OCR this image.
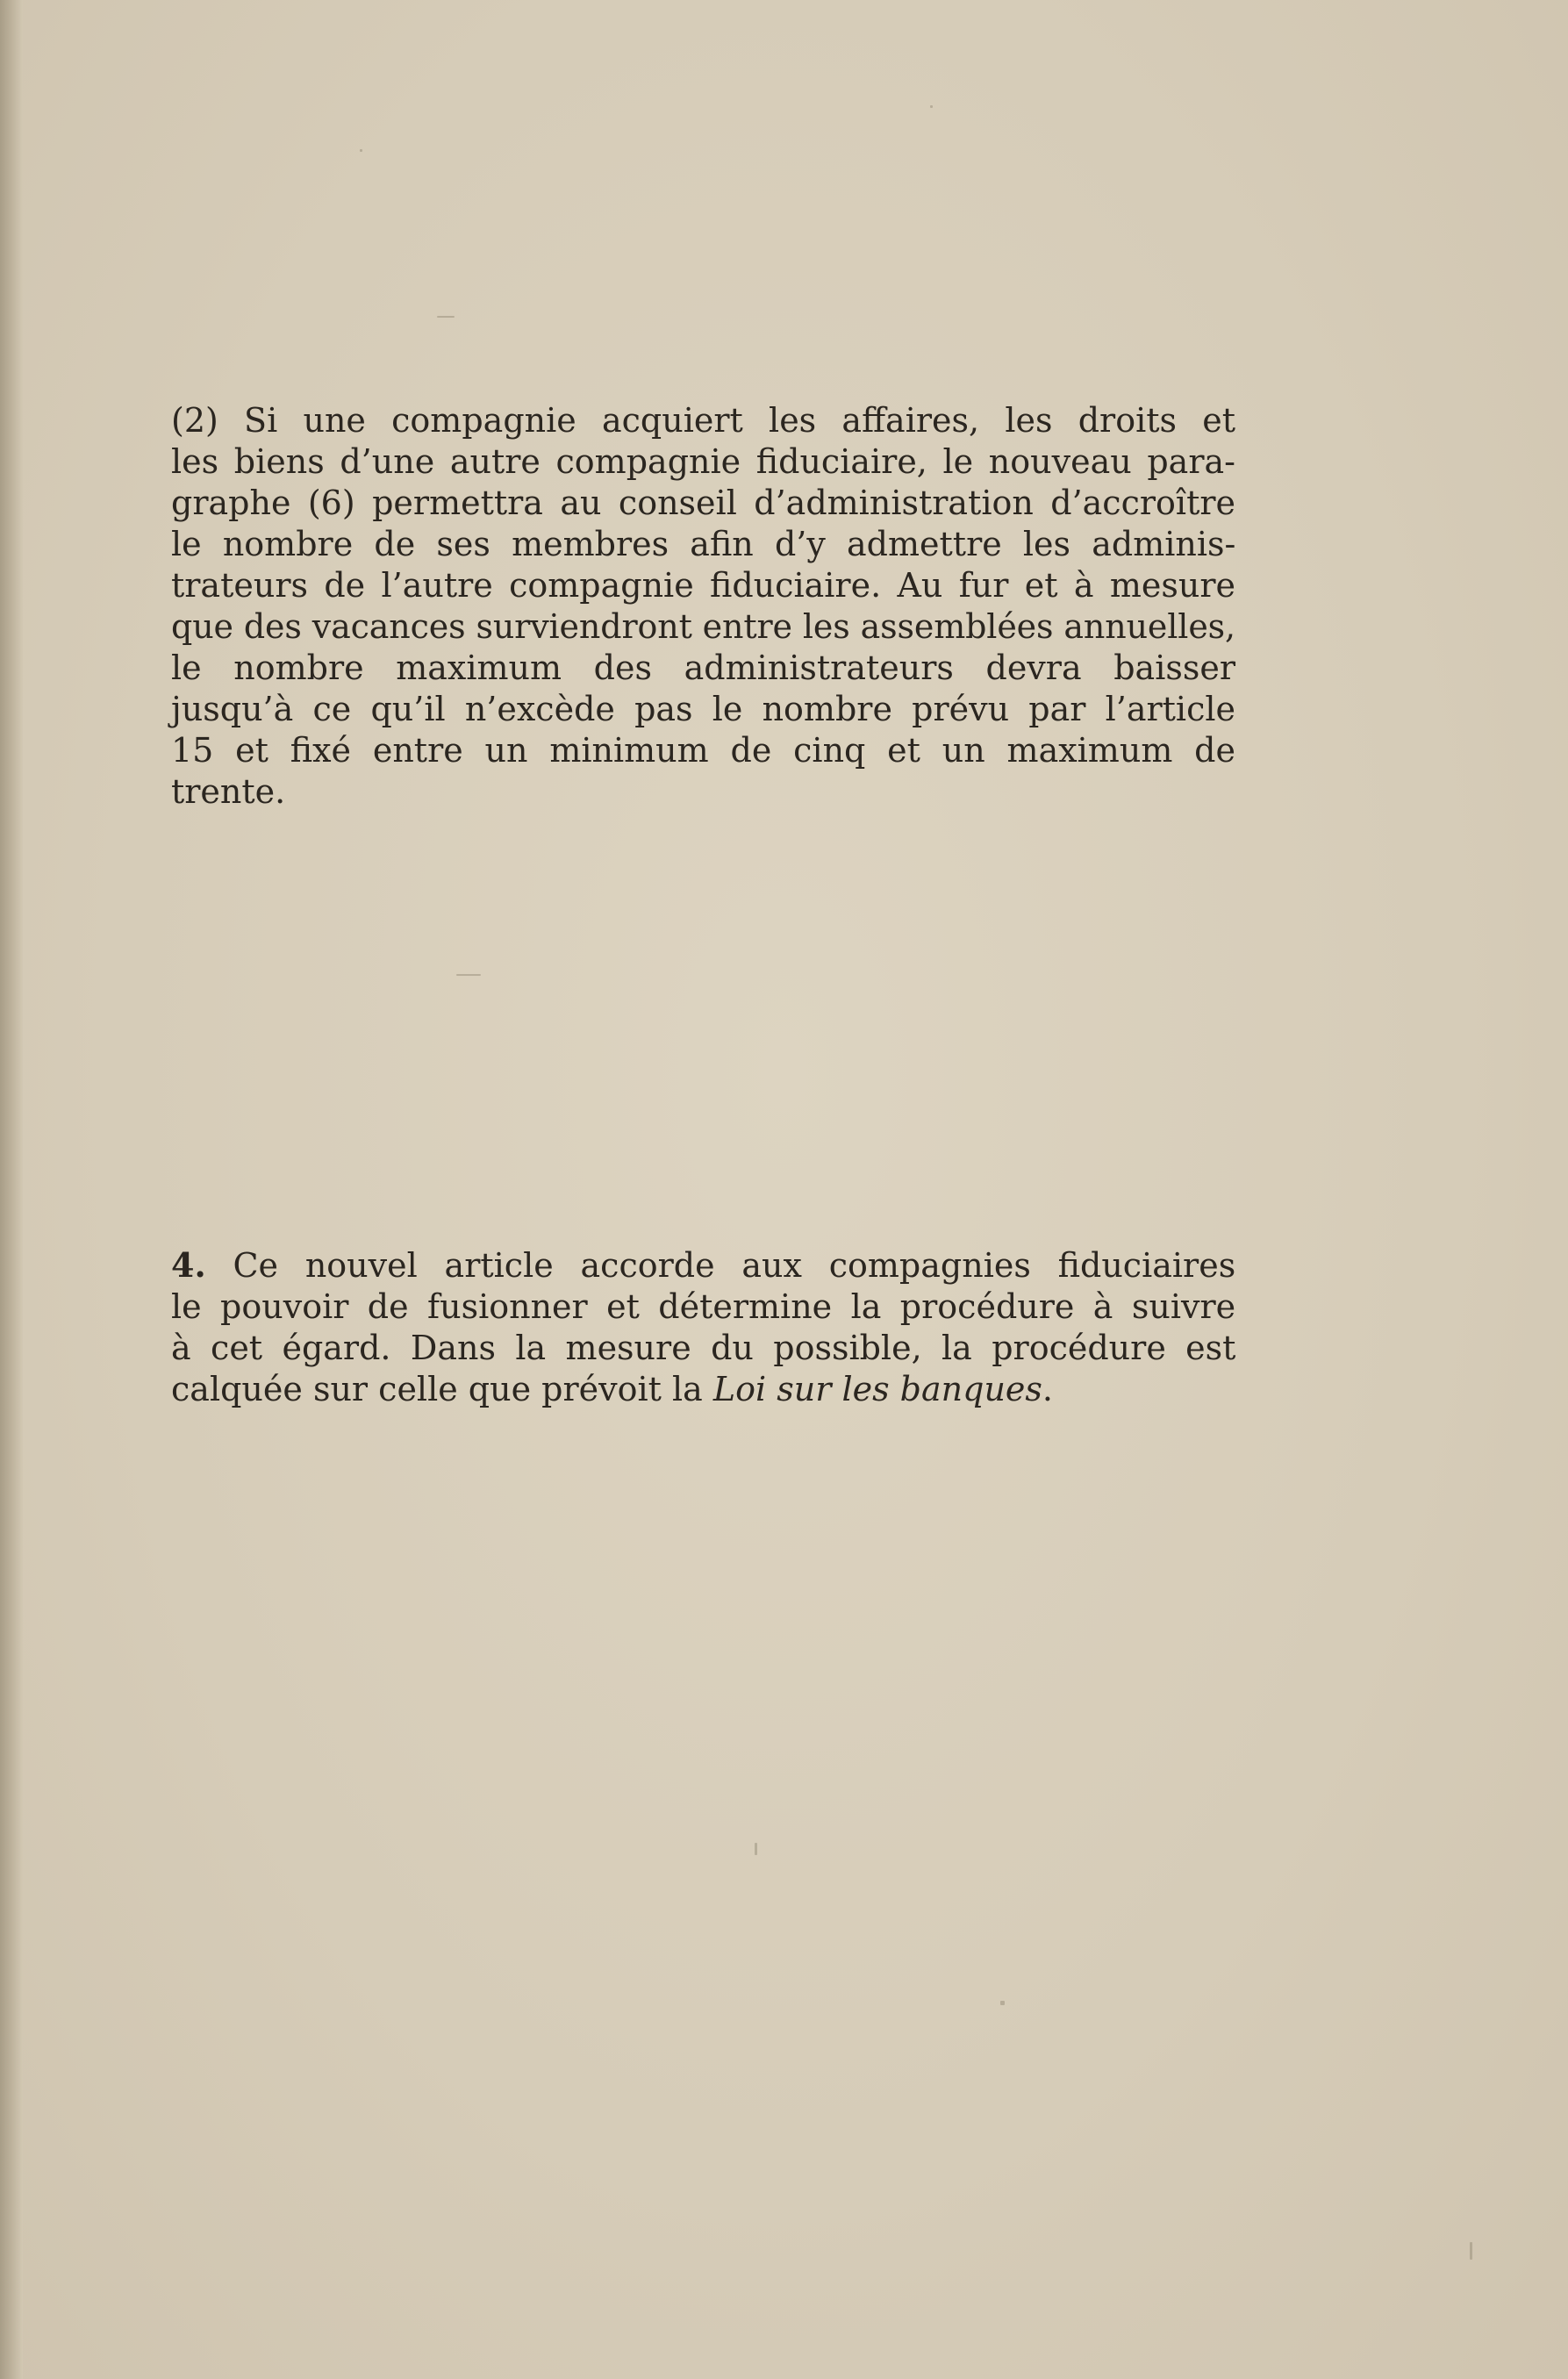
(2) Si une compagnie acquiert les affaires, les droits et
les biens d’une autre compagnie fiduciaire, le nouveau para-
graphe (6) permettra au conseil d’administration d’accroître
le nombre de ses membres afin d’y admettre les adminis-
trateurs de l’autre compagnie fiduciaire. Au fur et à mesure
que des vacances surviendront entre les assemblées annuelles,
le nombre maximum des administrateurs devra baisser
jusqu’à ce qu’il n’excède pas le nombre prévu par l’article
15 et fixé entre un minimum de cinq et un maximum de
trente.
4. Ce nouvel article accorde aux compagnies fiduciaires
le pouvoir de fusionner et détermine la procédure à suivre
à cet égard. Dans la mesure du possible, la procédure est
calquée sur celle que prévoit la Loi sur les banques.
